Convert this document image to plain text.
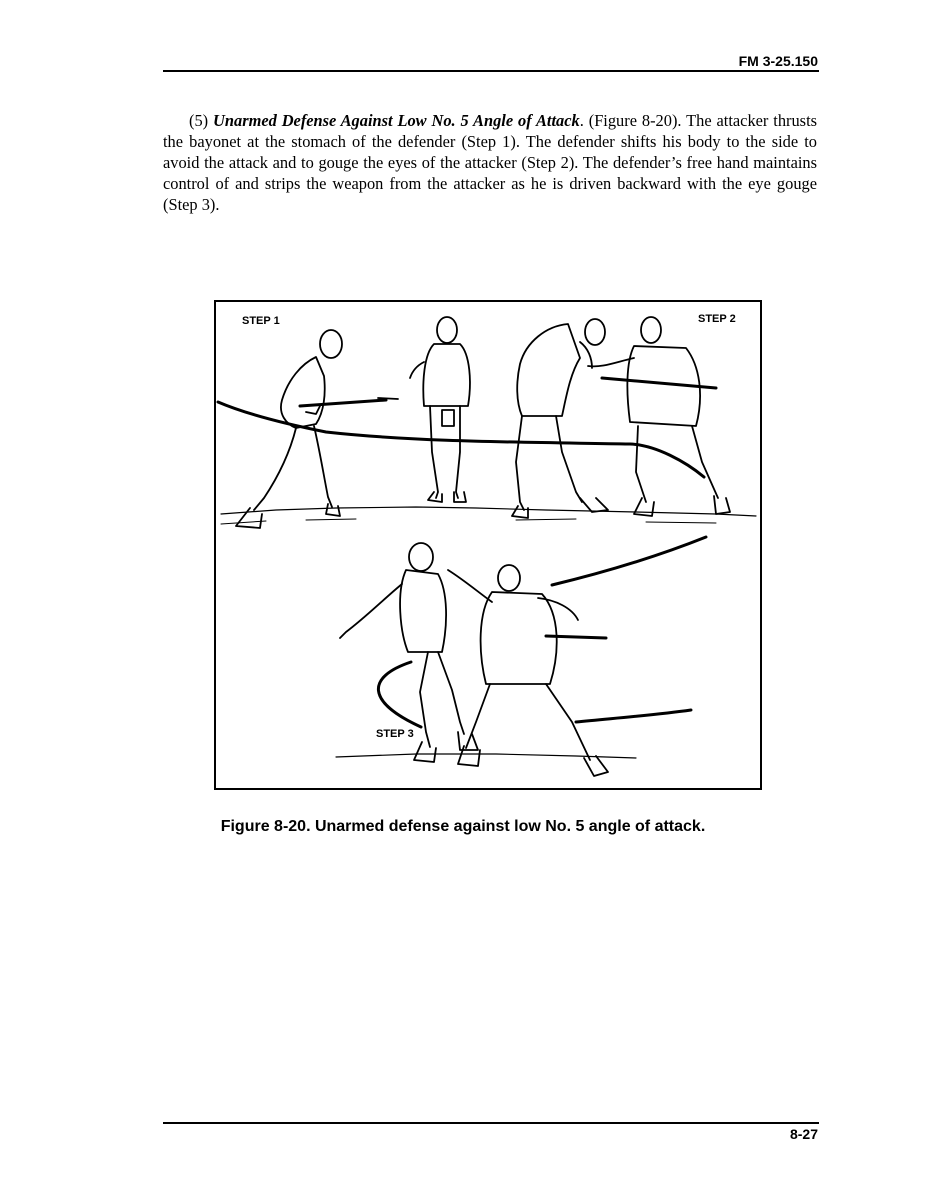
FM 3-25.150

(5) Unarmed Defense Against Low No. 5 Angle of Attack. (Figure 8-20). The attacker thrusts the bayonet at the stomach of the defender (Step 1). The defender shifts his body to the side to avoid the attack and to gouge the eyes of the attacker (Step 2). The defender’s free hand maintains control of and strips the weapon from the attacker as he is driven backward with the eye gouge (Step 3).

STEP 1	STEP 2
STEP 3
Figure 8-20. Unarmed defense against low No. 5 angle of attack.
8-27
